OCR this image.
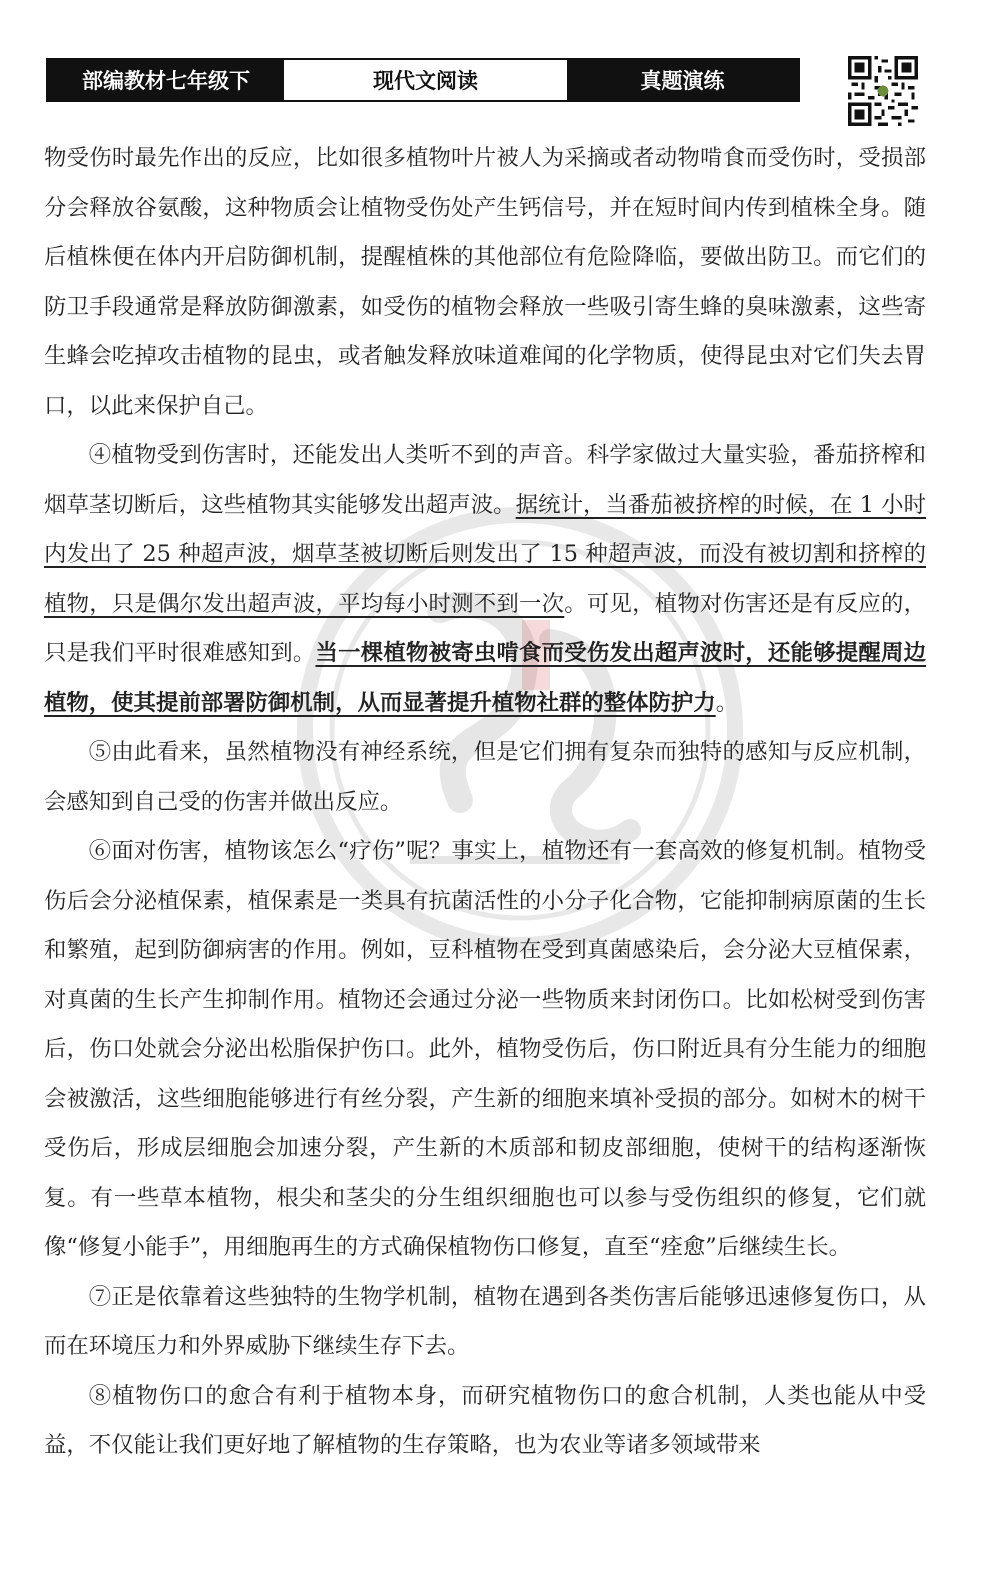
部编教材七年级下	现代文阅读	真题演练

物受伤时最先作出的反应，比如很多植物叶片被人为采摘或者动物啃食而受伤时，受损部分会释放谷氨酸，这种物质会让植物受伤处产生钙信号，并在短时间内传到植株全身。随后植株便在体内开启防御机制，提醒植株的其他部位有危险降临，要做出防卫。而它们的防卫手段通常是释放防御激素，如受伤的植物会释放一些吸引寄生蜂的臭味激素，这些寄生蜂会吃掉攻击植物的昆虫，或者触发释放味道难闻的化学物质，使得昆虫对它们失去胃口，以此来保护自己。

④植物受到伤害时，还能发出人类听不到的声音。科学家做过大量实验，番茄挤榨和烟草茎切断后，这些植物其实能够发出超声波。据统计，当番茄被挤榨的时候，在 1 小时内发出了 25 种超声波，烟草茎被切断后则发出了 15 种超声波，而没有被切割和挤榨的植物，只是偶尔发出超声波，平均每小时测不到一次。可见，植物对伤害还是有反应的，只是我们平时很难感知到。当一棵植物被寄虫啃食而受伤发出超声波时，还能够提醒周边植物，使其提前部署防御机制，从而显著提升植物社群的整体防护力。

⑤由此看来，虽然植物没有神经系统，但是它们拥有复杂而独特的感知与反应机制，会感知到自己受的伤害并做出反应。

⑥面对伤害，植物该怎么“疗伤”呢？事实上，植物还有一套高效的修复机制。植物受伤后会分泌植保素，植保素是一类具有抗菌活性的小分子化合物，它能抑制病原菌的生长和繁殖，起到防御病害的作用。例如，豆科植物在受到真菌感染后，会分泌大豆植保素，对真菌的生长产生抑制作用。植物还会通过分泌一些物质来封闭伤口。比如松树受到伤害后，伤口处就会分泌出松脂保护伤口。此外，植物受伤后，伤口附近具有分生能力的细胞会被激活，这些细胞能够进行有丝分裂，产生新的细胞来填补受损的部分。如树木的树干受伤后，形成层细胞会加速分裂，产生新的木质部和韧皮部细胞，使树干的结构逐渐恢复。有一些草本植物，根尖和茎尖的分生组织细胞也可以参与受伤组织的修复，它们就像“修复小能手”，用细胞再生的方式确保植物伤口修复，直至“痊愈”后继续生长。

⑦正是依靠着这些独特的生物学机制，植物在遇到各类伤害后能够迅速修复伤口，从而在环境压力和外界威胁下继续生存下去。

⑧植物伤口的愈合有利于植物本身，而研究植物伤口的愈合机制，人类也能从中受益，不仅能让我们更好地了解植物的生存策略，也为农业等诸多领域带来
